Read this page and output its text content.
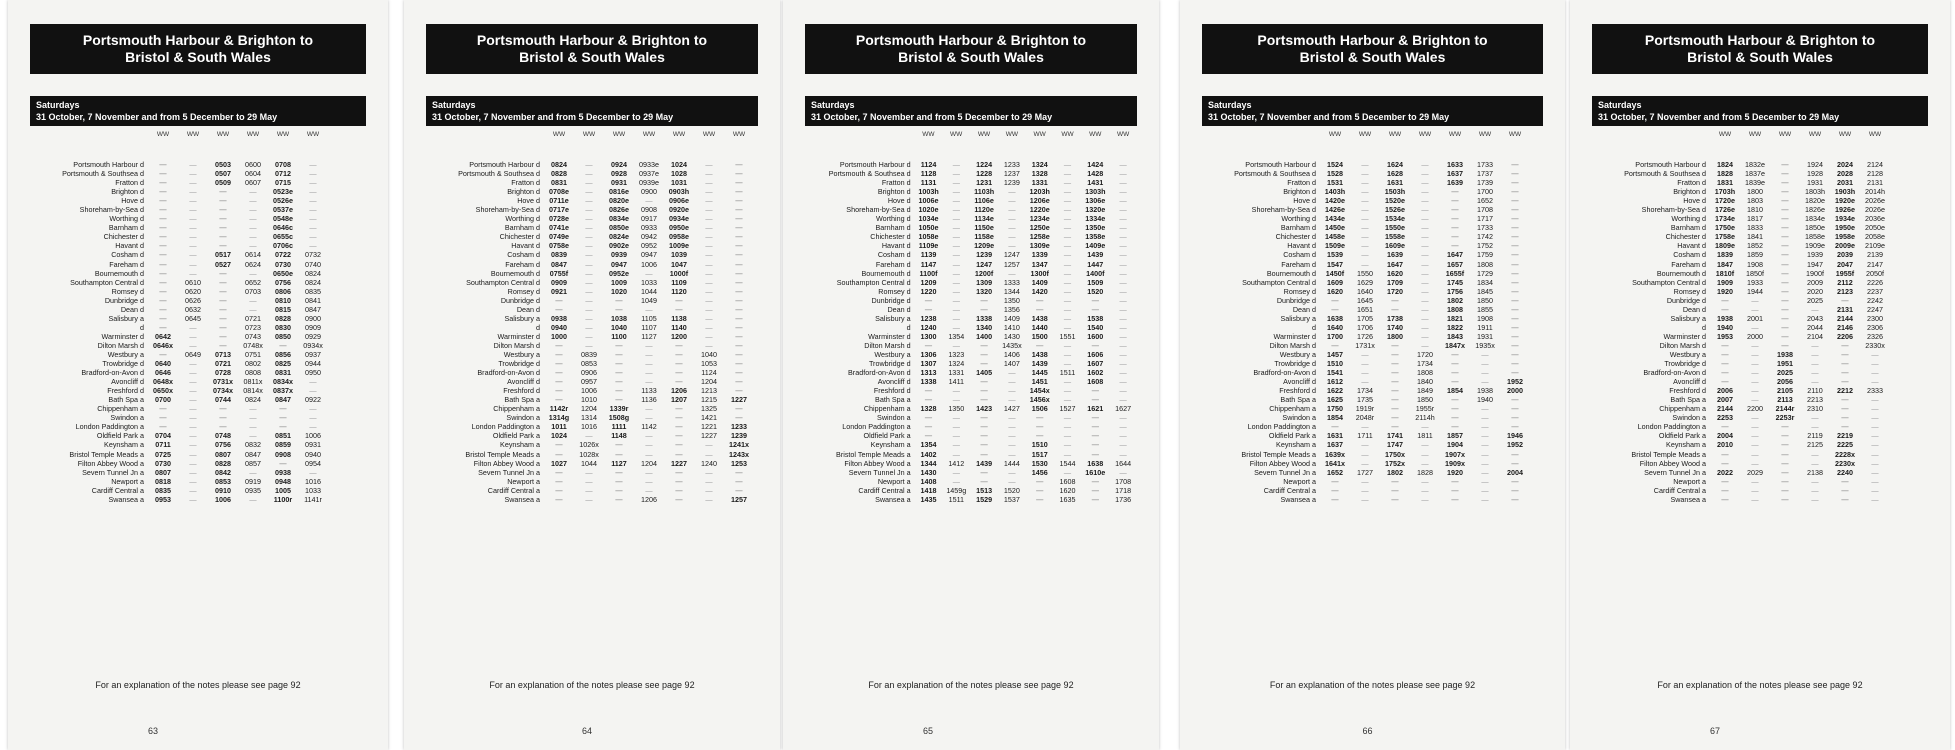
Portsmouth Harbour & Brighton to
Bristol & South Wales
Saturdays
31 October, 7 November and from 5 December to 29 May
WW	WW	WW	WW	WW	WW
Portsmouth Harbour d	—	—	0503	0600	0708	—
Portsmouth & Southsea d	—	—	0507	0604	0712	—
Fratton d	—	—	0509	0607	0715	—
Brighton d	—	—	—	—	0523e	—
Hove d	—	—	—	—	0526e	—
Shoreham-by-Sea d	—	—	—	—	0537e	—
Worthing d	—	—	—	—	0548e	—
Barnham d	—	—	—	—	0646c	—
Chichester d	—	—	—	—	0655c	—
Havant d	—	—	—	—	0706c	—
Cosham d	—	—	0517	0614	0722	0732
Fareham d	—	—	0527	0624	0730	0740
Bournemouth d	—	—	—	—	0650e	0824
Southampton Central d	—	0610	—	0652	0756	0824
Romsey d	—	0620	—	0703	0806	0835
Dunbridge d	—	0626	—	—	0810	0841
Dean d	—	0632	—	—	0815	0847
Salisbury a	—	0645	—	0721	0828	0900
d	—	—	—	0723	0830	0909
Warminster d	0642	—	—	0743	0850	0929
Dilton Marsh d	0646x	—	—	0748x	—	0934x
Westbury a	—	0649	0713	0751	0856	0937
Trowbridge d	0640	—	0721	0802	0825	0944
Bradford-on-Avon d	0646	—	0728	0808	0831	0950
Avoncliff d	0648x	—	0731x	0811x	0834x	—
Freshford d	0650x	—	0734x	0814x	0837x	—
Bath Spa a	0700	—	0744	0824	0847	0922
Chippenham a	—	—	—	—	—	—
Swindon a	—	—	—	—	—	—
London Paddington a	—	—	—	—	—	—
Oldfield Park a	0704	—	0748	—	0851	1006
Keynsham a	0711	—	0756	0832	0859	0931
Bristol Temple Meads a	0725	—	0807	0847	0908	0940
Filton Abbey Wood a	0730	—	0828	0857	—	0954
Severn Tunnel Jn a	0807	—	0842	—	0938	—
Newport a	0818	—	0853	0919	0948	1016
Cardiff Central a	0835	—	0910	0935	1005	1033
Swansea a	0953	—	1006	—	1100r	1141r
For an explanation of the notes please see page 92
63
Portsmouth Harbour & Brighton to
Bristol & South Wales
Saturdays
31 October, 7 November and from 5 December to 29 May
WW	WW	WW	WW	WW	WW	WW
Portsmouth Harbour d	0824	—	0924	0933e	1024	—	—
Portsmouth & Southsea d	0828	—	0928	0937e	1028	—	—
Fratton d	0831	—	0931	0939e	1031	—	—
Brighton d	0708e	—	0816e	0900	0903h	—	—
Hove d	0711e	—	0820e	—	0906e	—	—
Shoreham-by-Sea d	0717e	—	0826e	0908	0920e	—	—
Worthing d	0728e	—	0834e	0917	0934e	—	—
Barnham d	0741e	—	0850e	0933	0950e	—	—
Chichester d	0749e	—	0824e	0942	0958e	—	—
Havant d	0758e	—	0902e	0952	1009e	—	—
Cosham d	0839	—	0939	0947	1039	—	—
Fareham d	0847	—	0947	1006	1047	—	—
Bournemouth d	0755f	—	0952e	—	1000f	—	—
Southampton Central d	0909	—	1009	1033	1109	—	—
Romsey d	0921	—	1020	1044	1120	—	—
Dunbridge d	—	—	—	1049	—	—	—
Dean d	—	—	—	—	—	—	—
Salisbury a	0938	—	1038	1105	1138	—	—
d	0940	—	1040	1107	1140	—	—
Warminster d	1000	—	1100	1127	1200	—	—
Dilton Marsh d	—	—	—	—	—	—	—
Westbury a	—	0839	—	—	—	1040	—
Trowbridge d	—	0853	—	—	—	1053	—
Bradford-on-Avon d	—	0906	—	—	—	1124	—
Avoncliff d	—	0957	—	—	—	1204	—
Freshford d	—	1006	—	1133	1206	1213	—
Bath Spa a	—	1010	—	1136	1207	1215	1227
Chippenham a	1142r	1204	1339r	—	—	1325	—
Swindon a	1314g	1314	1508g	—	—	1421	—
London Paddington a	1011	1016	1111	1142	—	1221	1233
Oldfield Park a	1024	—	1148	—	—	1227	1239
Keynsham a	—	1026x	—	—	—	—	1241x
Bristol Temple Meads a	—	1028x	—	—	—	—	1243x
Filton Abbey Wood a	1027	1044	1127	1204	1227	1240	1253
Severn Tunnel Jn a	—	—	—	—	—	—	—
Newport a	—	—	—	—	—	—	—
Cardiff Central a	—	—	—	—	—	—	—
Swansea a	—	—	—	1206	—	—	1257
For an explanation of the notes please see page 92
64
Portsmouth Harbour & Brighton to
Bristol & South Wales
Saturdays
31 October, 7 November and from 5 December to 29 May
WW	WW	WW	WW	WW	WW	WW	WW
Portsmouth Harbour d	1124	—	1224	1233	1324	—	1424	—
Portsmouth & Southsea d	1128	—	1228	1237	1328	—	1428	—
Fratton d	1131	—	1231	1239	1331	—	1431	—
Brighton d	1003h	—	1103h	—	1203h	—	1303h	—
Hove d	1006e	—	1106e	—	1206e	—	1306e	—
Shoreham-by-Sea d	1020e	—	1120e	—	1220e	—	1320e	—
Worthing d	1034e	—	1134e	—	1234e	—	1334e	—
Barnham d	1050e	—	1150e	—	1250e	—	1350e	—
Chichester d	1058e	—	1158e	—	1258e	—	1358e	—
Havant d	1109e	—	1209e	—	1309e	—	1409e	—
Cosham d	1139	—	1239	1247	1339	—	1439	—
Fareham d	1147	—	1247	1257	1347	—	1447	—
Bournemouth d	1100f	—	1200f	—	1300f	—	1400f	—
Southampton Central d	1209	—	1309	1333	1409	—	1509	—
Romsey d	1220	—	1320	1344	1420	—	1520	—
Dunbridge d	—	—	—	1350	—	—	—	—
Dean d	—	—	—	1356	—	—	—	—
Salisbury a	1238	—	1338	1409	1438	—	1538	—
d	1240	—	1340	1410	1440	—	1540	—
Warminster d	1300	1354	1400	1430	1500	1551	1600	—
Dilton Marsh d	—	—	—	1435x	—	—	—	—
Westbury a	1306	1323	—	1406	1438	—	1606	—
Trowbridge d	1307	1324	—	1407	1439	—	1607	—
Bradford-on-Avon d	1313	1331	1405	—	1445	1511	1602	—
Avoncliff d	1338	1411	—	—	1451	—	1608	—
Freshford d	—	—	—	—	1454x	—	—	—
Bath Spa a	—	—	—	—	1456x	—	—	—
Chippenham a	1328	1350	1423	1427	1506	1527	1621	1627
Swindon a	—	—	—	—	—	—	—	—
London Paddington a	—	—	—	—	—	—	—	—
Oldfield Park a	—	—	—	—	—	—	—	—
Keynsham a	1354	—	—	—	1510	—	—	—
Bristol Temple Meads a	1402	—	—	—	1517	—	—	—
Filton Abbey Wood a	1344	1412	1439	1444	1530	1544	1638	1644
Severn Tunnel Jn a	1430	—	—	—	1456	—	1610e	—
Newport a	1408	—	—	—	—	1608	—	1708
Cardiff Central a	1418	1459g	1513	1520	—	1620	—	1718
Swansea a	1435	1511	1529	1537	—	1635	—	1736
For an explanation of the notes please see page 92
65
Portsmouth Harbour & Brighton to
Bristol & South Wales
Saturdays
31 October, 7 November and from 5 December to 29 May
WW	WW	WW	WW	WW	WW	WW
Portsmouth Harbour d	1524	—	1624	—	1633	1733	—
Portsmouth & Southsea d	1528	—	1628	—	1637	1737	—
Fratton d	1531	—	1631	—	1639	1739	—
Brighton d	1403h	—	1503h	—	—	1700	—
Hove d	1420e	—	1520e	—	—	1652	—
Shoreham-by-Sea d	1426e	—	1526e	—	—	1708	—
Worthing d	1434e	—	1534e	—	—	1717	—
Barnham d	1450e	—	1550e	—	—	1733	—
Chichester d	1458e	—	1558e	—	—	1742	—
Havant d	1509e	—	1609e	—	—	1752	—
Cosham d	1539	—	1639	—	1647	1759	—
Fareham d	1547	—	1647	—	1657	1808	—
Bournemouth d	1450f	1550	1620	—	1655f	1729	—
Southampton Central d	1609	1629	1709	—	1745	1834	—
Romsey d	1620	1640	1720	—	1756	1845	—
Dunbridge d	—	1645	—	—	1802	1850	—
Dean d	—	1651	—	—	1808	1855	—
Salisbury a	1638	1705	1738	—	1821	1908	—
d	1640	1706	1740	—	1822	1911	—
Warminster d	1700	1726	1800	—	1843	1931	—
Dilton Marsh d	—	1731x	—	—	1847x	1935x	—
Westbury a	1457	—	—	1720	—	—	—
Trowbridge d	1510	—	—	1734	—	—	—
Bradford-on-Avon d	1541	—	—	1808	—	—	—
Avoncliff d	1612	—	—	1840	—	—	1952
Freshford d	1622	1734	—	1849	1854	1938	2000
Bath Spa a	1625	1735	—	1850	—	1940	—
Chippenham a	1750	1919r	—	1955r	—	—	—
Swindon a	1854	2048r	—	2114h	—	—	—
London Paddington a	—	—	—	—	—	—	—
Oldfield Park a	1631	1711	1741	1811	1857	—	1946
Keynsham a	1637	—	1747	—	1904	—	1952
Bristol Temple Meads a	1639x	—	1750x	—	1907x	—	—
Filton Abbey Wood a	1641x	—	1752x	—	1909x	—	—
Severn Tunnel Jn a	1652	1727	1802	1828	1920	—	2004
Newport a	—	—	—	—	—	—	—
Cardiff Central a	—	—	—	—	—	—	—
Swansea a	—	—	—	—	—	—	—
For an explanation of the notes please see page 92
66
Portsmouth Harbour & Brighton to
Bristol & South Wales
Saturdays
31 October, 7 November and from 5 December to 29 May
WW	WW	WW	WW	WW	WW
Portsmouth Harbour d	1824	1832e	—	1924	2024	2124
Portsmouth & Southsea d	1828	1837e	—	1928	2028	2128
Fratton d	1831	1839e	—	1931	2031	2131
Brighton d	1703h	1800	—	1803h	1903h	2014h
Hove d	1720e	1803	—	1820e	1920e	2026e
Shoreham-by-Sea d	1726e	1810	—	1826e	1926e	2026e
Worthing d	1734e	1817	—	1834e	1934e	2036e
Barnham d	1750e	1833	—	1850e	1950e	2050e
Chichester d	1758e	1841	—	1858e	1958e	2058e
Havant d	1809e	1852	—	1909e	2009e	2109e
Cosham d	1839	1859	—	1939	2039	2139
Fareham d	1847	1908	—	1947	2047	2147
Bournemouth d	1810f	1850f	—	1900f	1955f	2050f
Southampton Central d	1909	1933	—	2009	2112	2226
Romsey d	1920	1944	—	2020	2123	2237
Dunbridge d	—	—	—	2025	—	2242
Dean d	—	—	—	—	2131	2247
Salisbury a	1938	2001	—	2043	2144	2300
d	1940	—	—	2044	2146	2306
Warminster d	1953	2000	—	2104	2206	2326
Dilton Marsh d	—	—	—	—	—	2330x
Westbury a	—	—	1938	—	—	—
Trowbridge d	—	—	1951	—	—	—
Bradford-on-Avon d	—	—	2025	—	—	—
Avoncliff d	—	—	2056	—	—	—
Freshford d	2006	—	2105	2110	2212	2333
Bath Spa a	2007	—	2113	2213	—	—
Chippenham a	2144	2200	2144r	2310	—	—
Swindon a	2253	—	2253r	—	—	—
London Paddington a	—	—	—	—	—	—
Oldfield Park a	2004	—	—	2119	2219	—
Keynsham a	2010	—	—	2125	2225	—
Bristol Temple Meads a	—	—	—	—	2228x	—
Filton Abbey Wood a	—	—	—	—	2230x	—
Severn Tunnel Jn a	2022	2029	—	2138	2240	—
Newport a	—	—	—	—	—	—
Cardiff Central a	—	—	—	—	—	—
Swansea a	—	—	—	—	—	—
For an explanation of the notes please see page 92
67
